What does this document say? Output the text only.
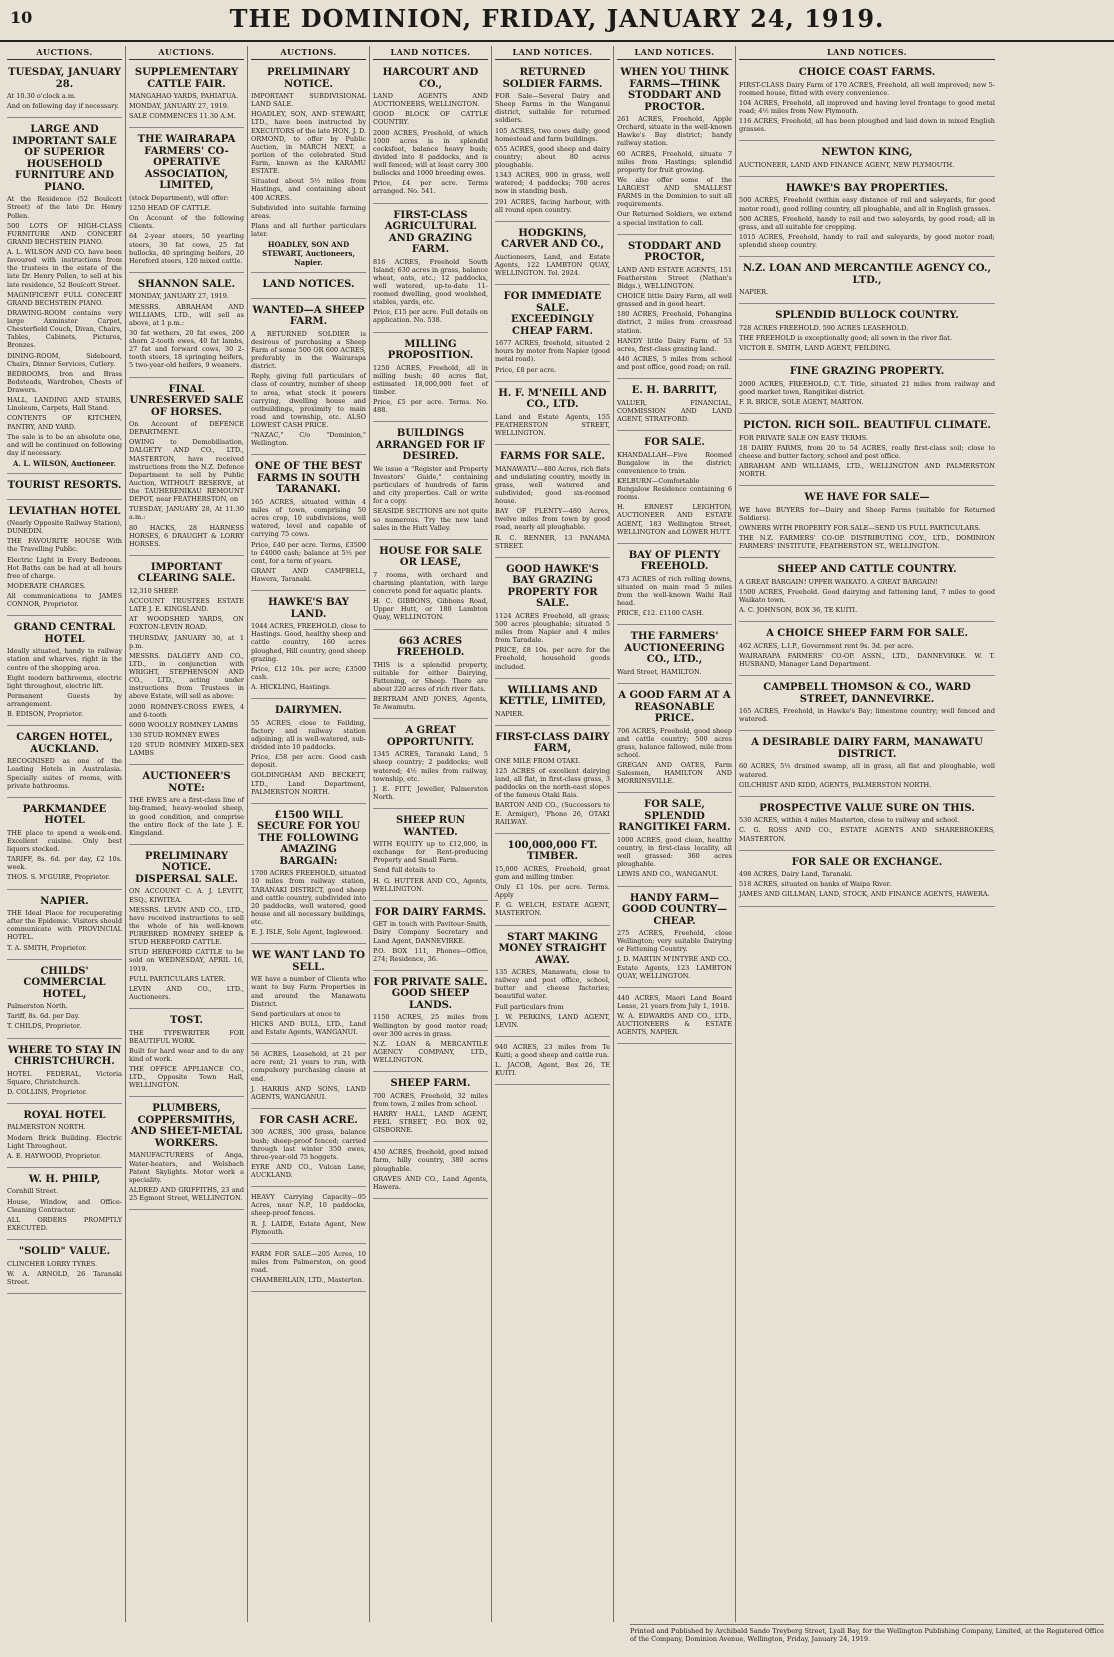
10	THE DOMINION, FRIDAY, JANUARY 24, 1919.
AUCTIONS.
TUESDAY, JANUARY 28.

At 10.30 o'clock a.m.

And on following day if necessary.

LARGE AND IMPORTANT SALE OF SUPERIOR HOUSEHOLD FURNITURE AND PIANO.

At the Residence (52 Boulcott Street) of the late Dr. Henry Pollen.

500 LOTS OF HIGH-CLASS FURNITURE AND CONCERT GRAND BECHSTEIN PIANO.

A. L. WILSON AND CO. have been favoured with instructions from the trustees in the estate of the late Dr. Henry Pollen, to sell at his late residence, 52 Boulcott Street.

MAGNIFICENT FULL CONCERT GRAND BECHSTEIN PIANO.

DRAWING-ROOM contains very large Axminster Carpet, Chesterfield Couch, Divan, Chairs, Tables, Cabinets, Pictures, Bronzes.

DINING-ROOM, Sideboard, Chairs, Dinner Services, Cutlery.

BEDROOMS, Iron and Brass Bedsteads, Wardrobes, Chests of Drawers.

HALL, LANDING AND STAIRS, Linoleum, Carpets, Hall Stand.

CONTENTS OF KITCHEN, PANTRY, AND YARD.

The sale is to be an absolute one, and will be continued on following day if necessary.

A. L. WILSON, Auctioneer.
TOURIST RESORTS.
LEVIATHAN HOTEL

(Nearly Opposite Railway Station), DUNEDIN.

THE FAVOURITE HOUSE With the Travelling Public.

Electric Light in Every Bedroom. Hot Baths can be had at all hours free of charge.

MODERATE CHARGES.

All communications to JAMES CONNOR, Proprietor.

GRAND CENTRAL HOTEL

Ideally situated, handy to railway station and wharves, right in the centre of the shopping area.

Eight modern bathrooms, electric light throughout, electric lift.

Permanent Guests by arrangement.

B. EDISON, Proprietor.

CARGEN HOTEL, AUCKLAND.

RECOGNISED as one of the Leading Hotels in Australasia. Specially suites of rooms, with private bathrooms.

PARKMANDEE HOTEL

THE place to spend a week-end. Excellent cuisine. Only best liquors stocked.

TARIFF, 8s. 6d. per day, £2 10s. week.

THOS. S. M'GUIRE, Proprietor.

NAPIER.

THE Ideal Place for recuperating after the Epidemic. Visitors should communicate with PROVINCIAL HOTEL.

T. A. SMITH, Proprietor.

CHILDS' COMMERCIAL HOTEL,

Palmerston North.

Tariff, 8s. 6d. per Day.

T. CHILDS, Proprietor.

WHERE TO STAY IN CHRISTCHURCH.

HOTEL FEDERAL, Victoria Square, Christchurch.

D. COLLINS, Proprietor.

ROYAL HOTEL

PALMERSTON NORTH.

Modern Brick Building. Electric Light Throughout.

A. E. HAYWOOD, Proprietor.

W. H. PHILP,

Cornhill Street.

House, Window, and Office-Cleaning Contractor.

ALL ORDERS PROMPTLY EXECUTED.

"SOLID" VALUE.

CLINCHER LORRY TYRES.

W. A. ARNOLD, 26 Taranaki Street.

AUCTIONS.
SUPPLEMENTARY CATTLE FAIR.

MANGAHAO YARDS, PAHIATUA.

MONDAY, JANUARY 27, 1919.

SALE COMMENCES 11.30 A.M.

THE WAIRARAPA FARMERS' CO-OPERATIVE ASSOCIATION, LIMITED,

(stock Department), will offer:

1250 HEAD OF CATTLE.

On Account of the following Clients.

64 2-year steers, 50 yearling steers, 30 fat cows, 25 fat bullocks, 40 springing heifers, 20 Hereford steers, 120 mixed cattle.

SHANNON SALE.

MONDAY, JANUARY 27, 1919.

MESSRS. ABRAHAM AND WILLIAMS, LTD., will sell as above, at 1 p.m.:

30 fat wethers, 20 fat ewes, 200 shorn 2-tooth ewes, 40 fat lambs, 27 fat and forward cows, 30 2-tooth steers, 18 springing heifers, 5 two-year-old heifers, 9 weaners.

FINAL UNRESERVED SALE OF HORSES.

On Account of DEFENCE DEPARTMENT.

OWING to Demobilisation, DALGETY AND CO., LTD., MASTERTON, have received instructions from the N.Z. Defence Department to sell by Public Auction, WITHOUT RESERVE, at the TAUHERENIKAU REMOUNT DEPOT, near FEATHERSTON, on

TUESDAY, JANUARY 28, At 11.30 a.m.:

80 HACKS, 28 HARNESS HORSES, 6 DRAUGHT & LORRY HORSES.

IMPORTANT CLEARING SALE.

12,310 SHEEP.

ACCOUNT TRUSTEES ESTATE LATE J. E. KINGSLAND.

AT WOODSHED YARDS, ON FOXTON-LEVIN ROAD.

THURSDAY, JANUARY 30, at 1 p.m.

MESSRS. DALGETY AND CO., LTD., in conjunction with WRIGHT, STEPHENSON AND CO., LTD., acting under instructions from Trustees in above Estate, will sell as above:

2000 ROMNEY-CROSS EWES, 4 and 6-tooth

6000 WOOLLY ROMNEY LAMBS

130 STUD ROMNEY EWES

120 STUD ROMNEY MIXED-SEX LAMBS

AUCTIONEER'S NOTE:

THE EWES are a first-class line of big-framed, heavy-wooled sheep, in good condition, and comprise the entire flock of the late J. E. Kingsland.

PRELIMINARY NOTICE. DISPERSAL SALE.

ON ACCOUNT C. A. J. LEVITT, ESQ., KIWITEA.

MESSRS. LEVIN AND CO., LTD., have received instructions to sell the whole of his well-known PUREBRED ROMNEY SHEEP & STUD HEREFORD CATTLE.

STUD HEREFORD CATTLE to be sold on WEDNESDAY, APRIL 16, 1919.

FULL PARTICULARS LATER.

LEVIN AND CO., LTD., Auctioneers.

TOST.

THE TYPEWRITER FOR BEAUTIFUL WORK.

Built for hard wear and to do any kind of work.

THE OFFICE APPLIANCE CO., LTD., Opposite Town Hall, WELLINGTON.

PLUMBERS, COPPERSMITHS, AND SHEET-METAL WORKERS.

MANUFACTURERS of Anga, Water-heaters, and Welsbach Patent Skylights. Motor work a speciality.

ALDRED AND GRIFFITHS, 23 and 25 Egmont Street, WELLINGTON.

AUCTIONS.
PRELIMINARY NOTICE.

IMPORTANT SUBDIVISIONAL LAND SALE.

HOADLEY, SON, AND STEWART, LTD., have been instructed by EXECUTORS of the late HON. J. D. ORMOND, to offer by Public Auction, in MARCH NEXT, a portion of the celebrated Stud Farm, known as the KARAMU ESTATE.

Situated about 5½ miles from Hastings, and containing about 400 ACRES.

Subdivided into suitable farming areas.

Plans and all further particulars later.

HOADLEY, SON AND STEWART, Auctioneers, Napier.
LAND NOTICES.
WANTED—A SHEEP FARM.

A RETURNED SOLDIER is desirous of purchasing a Sheep Farm of some 500 OR 600 ACRES, preferably in the Wairarapa district.

Reply, giving full particulars of class of country, number of sheep to area, what stock it powers carrying, dwelling house and outbuildings, proximity to main road and township, etc. ALSO LOWEST CASH PRICE.

"NAZAC," C/o "Dominion," Wellington.

ONE OF THE BEST FARMS IN SOUTH TARANAKI.

165 ACRES, situated within 4 miles of town, comprising 50 acres crop, 10 subdivisions, well watered, level and capable of carrying 75 cows.

Price, £40 per acre. Terms, £3500 to £4000 cash; balance at 5½ per cent, for a term of years.

GRANT AND CAMPBELL, Hawera, Taranaki.

HAWKE'S BAY LAND.

1044 ACRES, FREEHOLD, close to Hastings. Good, healthy sheep and cattle country, 160 acres ploughed, Hill country, good sheep grazing.

Price, £12 10s. per acre; £3500 cash.

A. HICKLING, Hastings.

DAIRYMEN.

55 ACRES, close to Feilding, factory and railway station adjoining; all is well-watered, sub-divided into 10 paddocks.

Price, £58 per acre. Good cash deposit.

GOLDINGHAM AND BECKETT, LTD., Land Department, PALMERSTON NORTH.

£1500 WILL SECURE FOR YOU THE FOLLOWING AMAZING BARGAIN:

1700 ACRES FREEHOLD, situated 10 miles from railway station, TARANAKI DISTRICT, good sheep and cattle country, subdivided into 20 paddocks, well watered, good house and all necessary buildings, etc.

E. J. ISLE, Sole Agent, Inglewood.

WE WANT LAND TO SELL.

WE have a number of Clients who want to buy Farm Properties in and around the Manawatu District.

Send particulars at once to

HICKS AND BULL, LTD., Land and Estate Agents, WANGANUI.

56 ACRES, Leasehold, at 21 per acre rent; 21 years to run, with compulsory purchasing clause at end.

J. HARRIS AND SONS, LAND AGENTS, WANGANUI.

FOR CASH ACRE.

300 ACRES, 300 grass, balance bush; sheep-proof fenced; carried through last winter 350 ewes, three-year-old 75 hoggets.

EYRE AND CO., Vulcan Lane, AUCKLAND.

HEAVY Carrying Capacity—95 Acres, near N.P., 10 paddocks, sheep-proof fences.

R. J. LAIDE, Estate Agent, New Plymouth.

FARM FOR SALE—205 Acres, 10 miles from Palmerston, on good road.

CHAMBERLAIN, LTD., Masterton.

LAND NOTICES.
HARCOURT AND CO.,

LAND AGENTS AND AUCTIONEERS, WELLINGTON.

GOOD BLOCK OF CATTLE COUNTRY.

2000 ACRES, Freehold, of which 1000 acres is in splendid cocksfoot, balance heavy bush; divided into 8 paddocks, and is well fenced; will at least carry 300 bullocks and 1000 breeding ewes.

Price, £4 per acre. Terms arranged. No. 541.

FIRST-CLASS AGRICULTURAL AND GRAZING FARM.

816 ACRES, Freehold South Island; 630 acres in grass, balance wheat, oats, etc.; 12 paddocks, well watered, up-to-date 11-roomed dwelling, good woolshed, stables, yards, etc.

Price, £15 per acre. Full details on application. No. 538.

MILLING PROPOSITION.

1250 ACRES, Freehold, all in milling bush; 40 acres flat, estimated 18,000,000 feet of timber.

Price, £5 per acre. Terms. No. 488.

BUILDINGS ARRANGED FOR IF DESIRED.

We issue a "Register and Property Investors' Guide," containing particulars of hundreds of farm and city properties. Call or write for a copy.

SEASIDE SECTIONS are not quite so numerous. Try the new land sales in the Hutt Valley.

HOUSE FOR SALE OR LEASE,

7 rooms, with orchard and charming plantation, with large concrete pond for aquatic plants.

H. C. GIBBONS, Gibbons Road, Upper Hutt, or 180 Lambton Quay, WELLINGTON.

663 ACRES FREEHOLD.

THIS is a splendid property, suitable for either Dairying, Fattening, or Sheep. There are about 220 acres of rich river flats.

BERTRAM AND JONES, Agents, Te Awamutu.

A GREAT OPPORTUNITY.

1345 ACRES, Taranaki Land, 5 sheep country; 2 paddocks; well watered; 4½ miles from railway, township, etc.

J. E. FITT, Jeweller, Palmerston North.

SHEEP RUN WANTED.

WITH EQUITY up to £12,000, in exchange for Rent-producing Property and Small Farm.

Send full details to

H. G. HUTTER AND CO., Agents, WELLINGTON.

FOR DAIRY FARMS.

GET in touch with Pavitour-Smith, Dairy Company Secretary and Land Agent, DANNEVIRKE.

P.O. BOX 111, Phones—Office, 274; Residence, 36.

FOR PRIVATE SALE. GOOD SHEEP LANDS.

1150 ACRES, 25 miles from Wellington by good motor road; over 300 acres in grass.

N.Z. LOAN & MERCANTILE AGENCY COMPANY, LTD., WELLINGTON.

SHEEP FARM.

700 ACRES, Freehold, 32 miles from town, 2 miles from school.

HARRY HALL, LAND AGENT, FEEL STREET, P.O. BOX 92, GISBORNE.

450 ACRES, freehold, good mixed farm, hilly country, 380 acres ploughable.

GRAVES AND CO., Land Agents, Hawera.

LAND NOTICES.
RETURNED SOLDIER FARMS.

FOR Sale—Several Dairy and Sheep Farms in the Wanganui district, suitable for returned soldiers.

105 ACRES, two cows daily; good homestead and farm buildings.

655 ACRES, good sheep and dairy country; about 80 acres ploughable.

1343 ACRES, 900 in grass, well watered; 4 paddocks; 700 acres now in standing bush.

291 ACRES, facing harbour, with all round open country.

HODGKINS, CARVER AND CO.,

Auctioneers, Land, and Estate Agents, 122 LAMBTON QUAY, WELLINGTON. Tel. 2924.

FOR IMMEDIATE SALE. EXCEEDINGLY CHEAP FARM.

1677 ACRES, freehold, situated 2 hours by motor from Napier (good metal road).

Price, £8 per acre.

H. F. M'NEILL AND CO., LTD.

Land and Estate Agents, 155 FEATHERSTON STREET, WELLINGTON.

FARMS FOR SALE.

MANAWATU—480 Acres, rich flats and undulating country, mostly in grass, well watered and subdivided; good six-roomed house.

BAY OF PLENTY—480 Acres, twelve miles from town by good road, nearly all ploughable.

R. C. RENNER, 13 PANAMA STREET.

GOOD HAWKE'S BAY GRAZING PROPERTY FOR SALE.

1124 ACRES Freehold, all grass; 500 acres ploughable; situated 5 miles from Napier and 4 miles from Taradale.

PRICE, £8 10s. per acre for the Freehold, household goods included.

WILLIAMS AND KETTLE, LIMITED,

NAPIER.

FIRST-CLASS DAIRY FARM,

ONE MILE FROM OTAKI.

125 ACRES of excellent dairying land, all flat, in first-class grass, 3 paddocks on the north-east slopes of the famous Otaki Rais.

BARTON AND CO., (Successors to E. Armiger), 'Phone 26, OTAKI RAILWAY.

100,000,000 FT. TIMBER.

15,000 ACRES, Freehold, great gum and milling timber.

Only £1 10s. per acre. Terms. Apply

F. G. WELCH, ESTATE AGENT, MASTERTON.

START MAKING MONEY STRAIGHT AWAY.

135 ACRES, Manawatu, close to railway and post office, school, butter and cheese factories; beautiful water.

Full particulars from

J. W. PERKINS, LAND AGENT, LEVIN.

940 ACRES, 23 miles from Te Kuiti; a good sheep and cattle run.

L. JACOB, Agent, Box 26, TE KUITI.

LAND NOTICES.
WHEN YOU THINK FARMS—THINK STODDART AND PROCTOR.

261 ACRES, Freehold, Apple Orchard, situate in the well-known Hawke's Bay district; handy railway station.

60 ACRES, Freehold, situate 7 miles from Hastings; splendid property for fruit growing.

We also offer some of the LARGEST AND SMALLEST FARMS in the Dominion to suit all requirements.

Our Returned Soldiers, we extend a special invitation to call.

STODDART AND PROCTOR,

LAND AND ESTATE AGENTS, 151 Featherston Street (Nathan's Bldgs.), WELLINGTON.

CHOICE little Dairy Farm, all well grassed and in good heart.

180 ACRES, Freehold, Pohangina district, 2 miles from crossroad station.

HANDY little Dairy Farm of 53 acres, first-class grazing land.

440 ACRES, 5 miles from school and post office, good road; on rail.

E. H. BARRITT,

VALUER, FINANCIAL, COMMISSION AND LAND AGENT, STRATFORD.

FOR SALE.

KHANDALLAH—Five Roomed Bungalow in the district; convenience to train.

KELBURN—Comfortable Bungalow Residence containing 6 rooms.

H. ERNEST LEIGHTON, AUCTIONEER AND ESTATE AGENT, 183 Wellington Street, WELLINGTON and LOWER HUTT.

BAY OF PLENTY FREEHOLD.

473 ACRES of rich rolling downs, situated on main road 5 miles from the well-known Waihi Rail head.

PRICE, £12. £1100 CASH.

THE FARMERS' AUCTIONEERING CO., LTD.,

Ward Street, HAMILTON.

A GOOD FARM AT A REASONABLE PRICE.

706 ACRES, Freehold, good sheep and cattle country; 500 acres grass, balance fallowed, mile from school.

GREGAN AND OATES, Farm Salesmen, HAMILTON AND MORRINSVILLE.

FOR SALE, SPLENDID RANGITIKEI FARM.

1000 ACRES, good clean, healthy country, in first-class locality, all well grassed: 360 acres ploughable.

LEWIS AND CO., WANGANUI.

HANDY FARM—GOOD COUNTRY—CHEAP.

275 ACRES, Freehold, close Wellington; very suitable Dairying or Fattening Country.

J. D. MARTIN M'INTYRE AND CO., Estate Agents, 123 LAMBTON QUAY, WELLINGTON.

440 ACRES, Maori Land Board Lease, 21 years from July 1, 1918.

W. A. EDWARDS AND CO., LTD., AUCTIONEERS & ESTATE AGENTS, NAPIER.

LAND NOTICES.
CHOICE COAST FARMS.

FIRST-CLASS Dairy Farm of 170 ACRES, Freehold, all well improved; new 5-roomed house, fitted with every convenience.

104 ACRES, Freehold, all improved and having level frontage to good metal road; 4½ miles from New Plymouth.

116 ACRES, Freehold, all has been ploughed and laid down in mixed English grasses.

NEWTON KING,

AUCTIONEER, LAND AND FINANCE AGENT, NEW PLYMOUTH.

HAWKE'S BAY PROPERTIES.

500 ACRES, Freehold (within easy distance of rail and saleyards, for good motor road), good rolling country, all ploughable, and all in English grasses.

500 ACRES, Freehold, handy to rail and two saleyards, by good road; all in grass, and all suitable for cropping.

1015 ACRES, Freehold, handy to rail and saleyards, by good motor road; splendid sheep country.

N.Z. LOAN AND MERCANTILE AGENCY CO., LTD.,

NAPIER.

SPLENDID BULLOCK COUNTRY.

728 ACRES FREEHOLD. 590 ACRES LEASEHOLD.

THE FREEHOLD is exceptionally good; all sown in the river flat.

VICTOR E. SMITH, LAND AGENT, FEILDING.

FINE GRAZING PROPERTY.

2000 ACRES, FREEHOLD, C.T. Title, situated 21 miles from railway and good market town, Rangitikei district.

F. R. BRICE, SOLE AGENT, MARTON.

PICTON. RICH SOIL. BEAUTIFUL CLIMATE.

FOR PRIVATE SALE ON EASY TERMS.

18 DAIRY FARMS, from 20 to 54 ACRES, really first-class soil; close to cheese and butter factory, school and post office.

ABRAHAM AND WILLIAMS, LTD., WELLINGTON AND PALMERSTON NORTH.

WE HAVE FOR SALE—

WE have BUYERS for—Dairy and Sheep Farms (suitable for Returned Soldiers).

OWNERS WITH PROPERTY FOR SALE—SEND US FULL PARTICULARS.

THE N.Z. FARMERS' CO-OP. DISTRIBUTING COY., LTD., DOMINION FARMERS' INSTITUTE, FEATHERSTON ST., WELLINGTON.

SHEEP AND CATTLE COUNTRY.

A GREAT BARGAIN! UPPER WAIKATO. A GREAT BARGAIN!

1500 ACRES, Freehold. Good dairying and fattening land, 7 miles to good Waikato town.

A. C. JOHNSON, BOX 36, TE KUITI.

A CHOICE SHEEP FARM FOR SALE.

462 ACRES, L.I.P., Government rent 9s. 3d. per acre.

WAIRARAPA FARMERS' CO-OP. ASSN., LTD., DANNEVIRKE. W. T. HUSBAND, Manager Land Department.

CAMPBELL THOMSON & CO., WARD STREET, DANNEVIRKE.

165 ACRES, Freehold, in Hawke's Bay; limestone country; well fenced and watered.

A DESIRABLE DAIRY FARM, MANAWATU DISTRICT.

60 ACRES, 5½ drained swamp, all in grass, all flat and ploughable, well watered.

GILCHRIST AND KIDD, AGENTS, PALMERSTON NORTH.

PROSPECTIVE VALUE SURE ON THIS.

530 ACRES, within 4 miles Masterton, close to railway and school.

C. G. ROSS AND CO., ESTATE AGENTS AND SHAREBROKERS, MASTERTON.

FOR SALE OR EXCHANGE.

498 ACRES, Dairy Land, Taranaki.

518 ACRES, situated on banks of Waipa River.

JAMES AND GILLMAN, LAND, STOCK, AND FINANCE AGENTS, HAWERA.

Printed and Published by Archibald Sando Treyberg Street, Lyall Bay, for the Wellington Publishing Company, Limited, at the Registered Office of the Company, Dominion Avenue, Wellington, Friday, January 24, 1919.
